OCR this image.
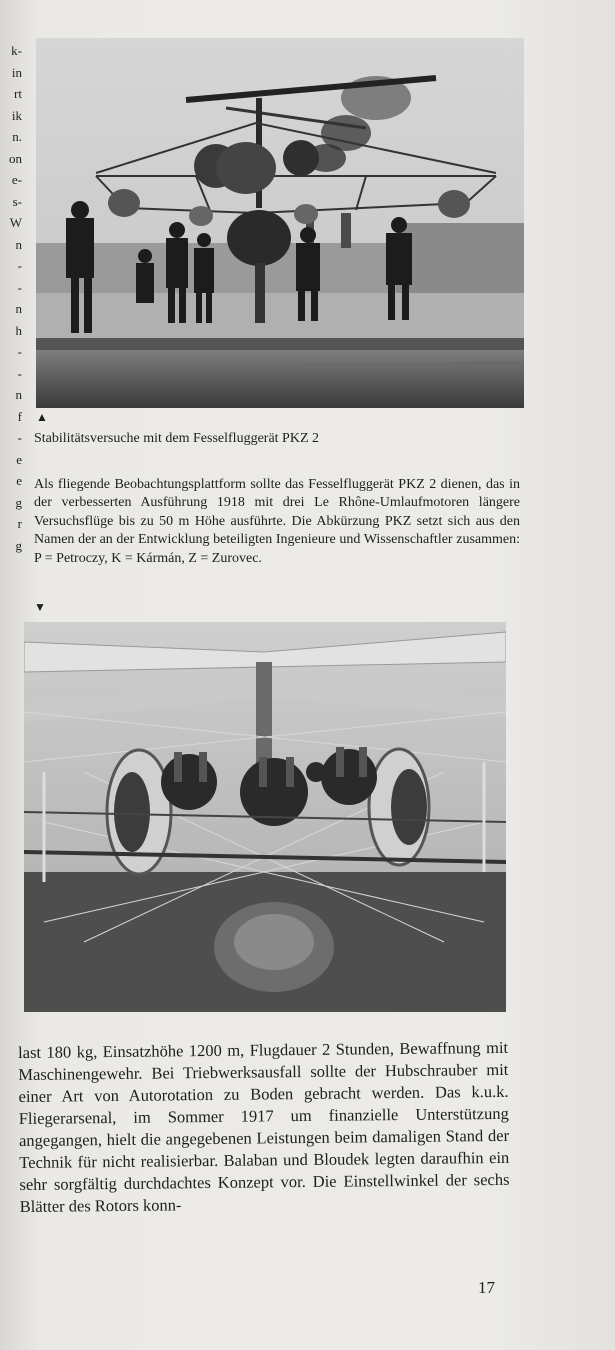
k-
in
rt
ik
n.
on
e-
s-
W
n
-
-
n
h
-
-
n
f
-
e
e
g
r
g
▲
Stabilitätsversuche mit dem Fesselfluggerät PKZ 2
Als fliegende Beobachtungsplattform sollte das Fesselfluggerät PKZ 2 dienen, das in der verbesserten Ausführung 1918 mit drei Le Rhône-Umlaufmotoren längere Versuchsflüge bis zu 50 m Höhe ausführte. Die Abkürzung PKZ setzt sich aus den Namen der an der Entwicklung beteiligten Ingenieure und Wissenschaftler zusammen: P = Petroczy, K = Kármán, Z = Zurovec.
▼
last 180 kg, Einsatzhöhe 1200 m, Flugdauer 2 Stunden, Bewaffnung mit Maschinengewehr. Bei Triebwerksausfall sollte der Hubschrauber mit einer Art von Autorotation zu Boden gebracht werden. Das k.u.k. Fliegerarsenal, im Sommer 1917 um finanzielle Unterstützung angegangen, hielt die angegebenen Leistungen beim damaligen Stand der Technik für nicht realisierbar. Balaban und Bloudek legten daraufhin ein sehr sorgfältig durchdachtes Konzept vor. Die Einstellwinkel der sechs Blätter des Rotors konn-
17
